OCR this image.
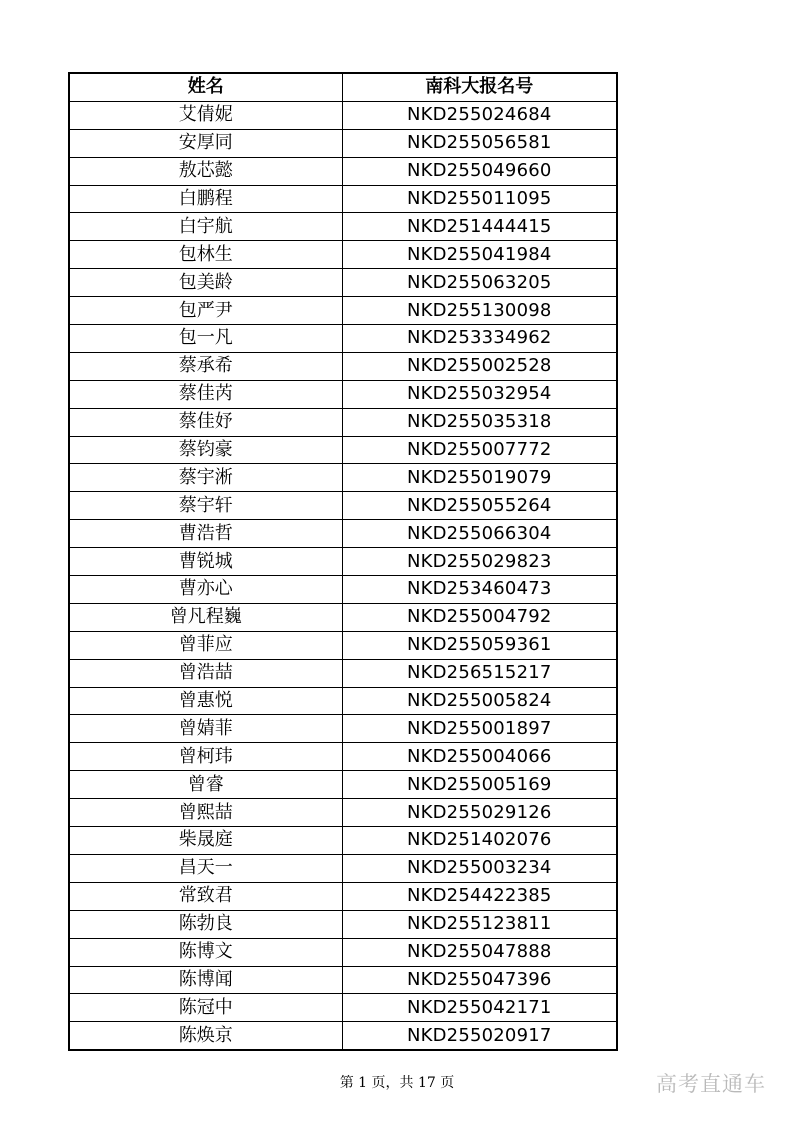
姓名	南科大报名号
艾倩妮	NKD255024684
安厚同	NKD255056581
敖芯懿	NKD255049660
白鹏程	NKD255011095
白宇航	NKD251444415
包林生	NKD255041984
包美龄	NKD255063205
包严尹	NKD255130098
包一凡	NKD253334962
蔡承希	NKD255002528
蔡佳芮	NKD255032954
蔡佳妤	NKD255035318
蔡钧豪	NKD255007772
蔡宇淅	NKD255019079
蔡宇轩	NKD255055264
曹浩哲	NKD255066304
曹锐城	NKD255029823
曹亦心	NKD253460473
曾凡程巍	NKD255004792
曾菲应	NKD255059361
曾浩喆	NKD256515217
曾惠悦	NKD255005824
曾婧菲	NKD255001897
曾柯玮	NKD255004066
曾睿	NKD255005169
曾熙喆	NKD255029126
柴晟庭	NKD251402076
昌天一	NKD255003234
常致君	NKD254422385
陈勃良	NKD255123811
陈博文	NKD255047888
陈博闻	NKD255047396
陈冠中	NKD255042171
陈焕京	NKD255020917
第 1 页，共 17 页	高考直通车
